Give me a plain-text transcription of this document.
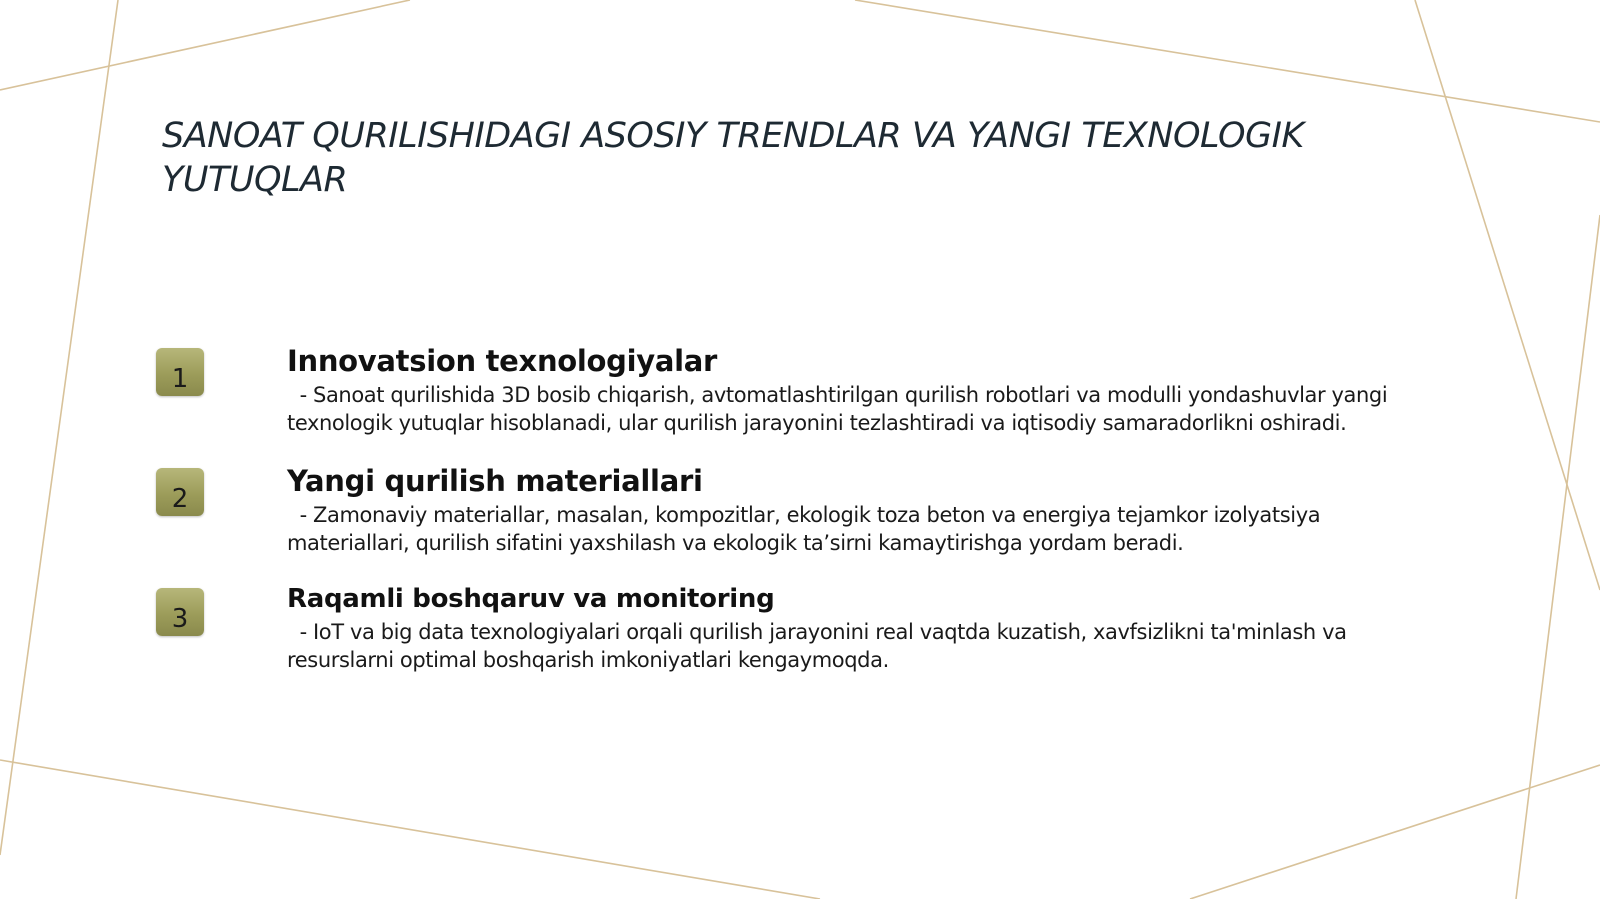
SANOAT QURILISHIDAGI ASOSIY TRENDLAR VA YANGI TEXNOLOGIK YUTUQLAR
1
Innovatsion texnologiyalar
- Sanoat qurilishida 3D bosib chiqarish, avtomatlashtirilgan qurilish robotlari va modulli yondashuvlar yangi texnologik yutuqlar hisoblanadi, ular qurilish jarayonini tezlashtiradi va iqtisodiy samaradorlikni oshiradi.
2
Yangi qurilish materiallari
- Zamonaviy materiallar, masalan, kompozitlar, ekologik toza beton va energiya tejamkor izolyatsiya materiallari, qurilish sifatini yaxshilash va ekologik ta’sirni kamaytirishga yordam beradi.
3
Raqamli boshqaruv va monitoring
- IoT va big data texnologiyalari orqali qurilish jarayonini real vaqtda kuzatish, xavfsizlikni ta'minlash va resurslarni optimal boshqarish imkoniyatlari kengaymoqda.
